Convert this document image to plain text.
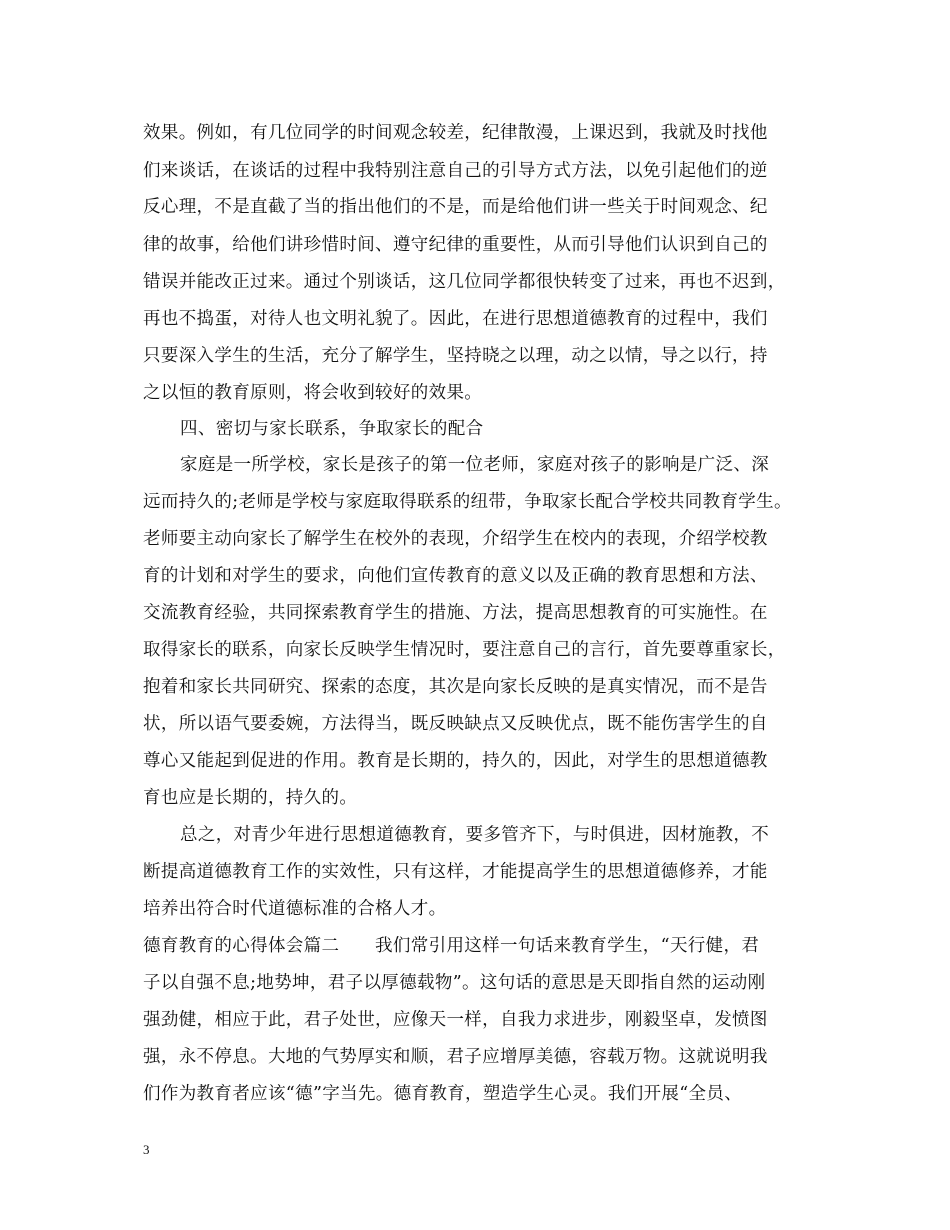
效果。例如，有几位同学的时间观念较差，纪律散漫，上课迟到，我就及时找他
们来谈话，在谈话的过程中我特别注意自己的引导方式方法，以免引起他们的逆
反心理，不是直截了当的指出他们的不是，而是给他们讲一些关于时间观念、纪
律的故事，给他们讲珍惜时间、遵守纪律的重要性，从而引导他们认识到自己的
错误并能改正过来。通过个别谈话，这几位同学都很快转变了过来，再也不迟到，
再也不捣蛋，对待人也文明礼貌了。因此，在进行思想道德教育的过程中，我们
只要深入学生的生活，充分了解学生，坚持晓之以理，动之以情，导之以行，持
之以恒的教育原则，将会收到较好的效果。
四、密切与家长联系，争取家长的配合
家庭是一所学校，家长是孩子的第一位老师，家庭对孩子的影响是广泛、深
远而持久的;老师是学校与家庭取得联系的纽带，争取家长配合学校共同教育学生。
老师要主动向家长了解学生在校外的表现，介绍学生在校内的表现，介绍学校教
育的计划和对学生的要求，向他们宣传教育的意义以及正确的教育思想和方法、
交流教育经验，共同探索教育学生的措施、方法，提高思想教育的可实施性。在
取得家长的联系，向家长反映学生情况时，要注意自己的言行，首先要尊重家长，
抱着和家长共同研究、探索的态度，其次是向家长反映的是真实情况，而不是告
状，所以语气要委婉，方法得当，既反映缺点又反映优点，既不能伤害学生的自
尊心又能起到促进的作用。教育是长期的，持久的，因此，对学生的思想道德教
育也应是长期的，持久的。
总之，对青少年进行思想道德教育，要多管齐下，与时俱进，因材施教，不
断提高道德教育工作的实效性，只有这样，才能提高学生的思想道德修养，才能
培养出符合时代道德标准的合格人才。
德育教育的心得体会篇二　　我们常引用这样一句话来教育学生，“天行健，君
子以自强不息;地势坤，君子以厚德载物”。这句话的意思是天即指自然的运动刚
强劲健，相应于此，君子处世，应像天一样，自我力求进步，刚毅坚卓，发愤图
强，永不停息。大地的气势厚实和顺，君子应增厚美德，容载万物。这就说明我
们作为教育者应该“德”字当先。德育教育，塑造学生心灵。我们开展“全员、
3
